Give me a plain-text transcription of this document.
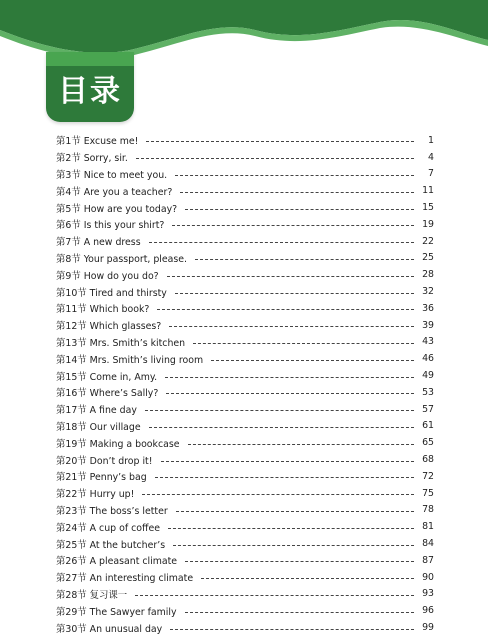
目录
第1节 Excuse me!	1
第2节 Sorry, sir.	4
第3节 Nice to meet you.	7
第4节 Are you a teacher?	11
第5节 How are you today?	15
第6节 Is this your shirt?	19
第7节 A new dress	22
第8节 Your passport, please.	25
第9节 How do you do?	28
第10节 Tired and thirsty	32
第11节 Which book?	36
第12节 Which glasses?	39
第13节 Mrs. Smith’s kitchen	43
第14节 Mrs. Smith’s living room	46
第15节 Come in, Amy.	49
第16节 Where’s Sally?	53
第17节 A fine day	57
第18节 Our village	61
第19节 Making a bookcase	65
第20节 Don’t drop it!	68
第21节 Penny’s bag	72
第22节 Hurry up!	75
第23节 The boss’s letter	78
第24节 A cup of coffee	81
第25节 At the butcher’s	84
第26节 A pleasant climate	87
第27节 An interesting climate	90
第28节 复习课一	93
第29节 The Sawyer family	96
第30节 An unusual day	99
